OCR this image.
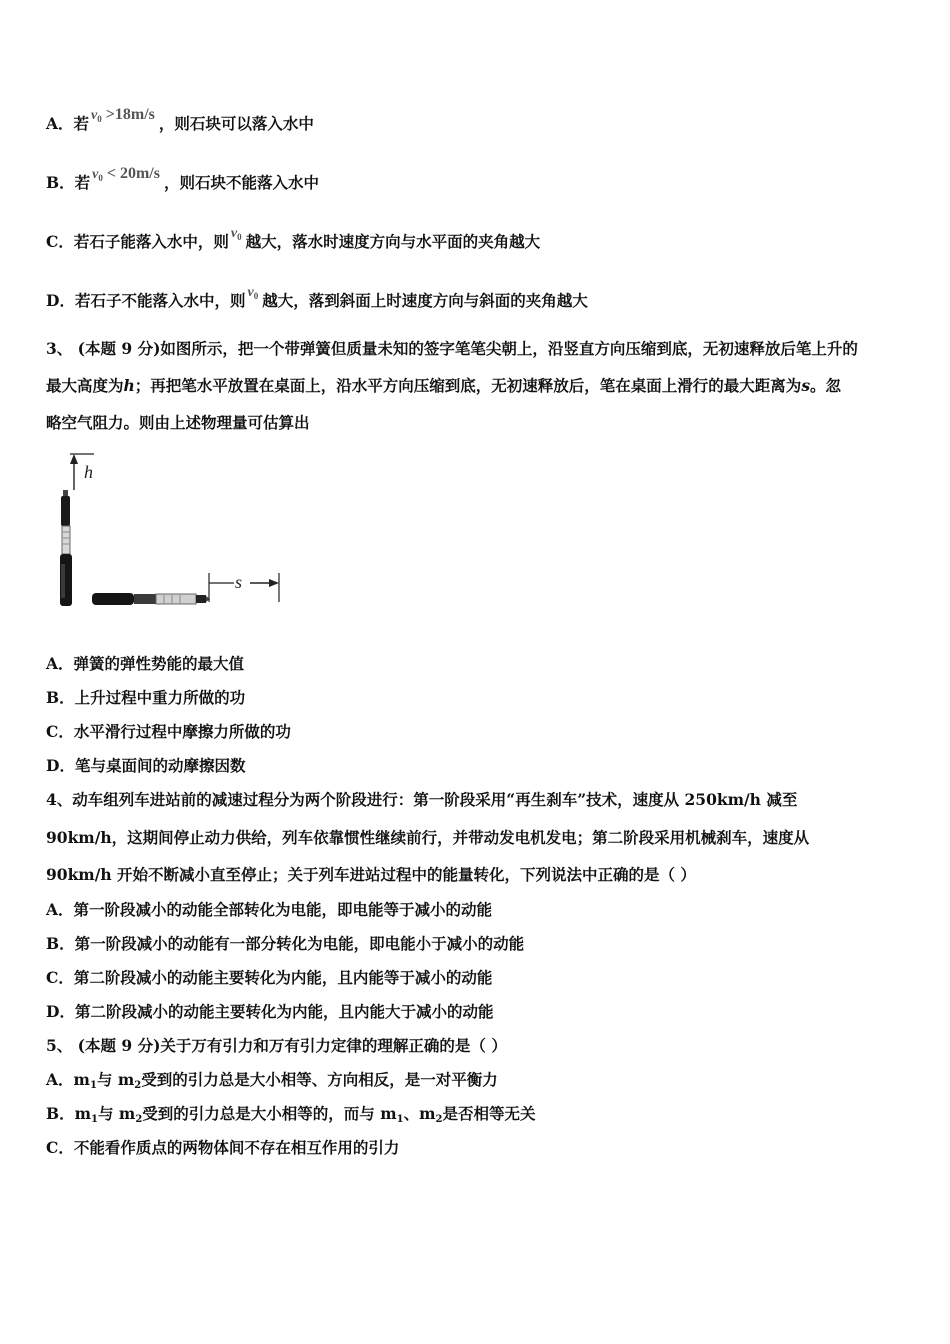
A．若 v0 >18m/s ，则石块可以落入水中
B．若 v0 < 20m/s ，则石块不能落入水中
C．若石子能落入水中，则 v0 越大，落水时速度方向与水平面的夹角越大
D．若石子不能落入水中，则 v0 越大，落到斜面上时速度方向与斜面的夹角越大
3、 (本题 9 分)如图所示，把一个带弹簧但质量未知的签字笔笔尖朝上，沿竖直方向压缩到底，无初速释放后笔上升的
最大高度为h；再把笔水平放置在桌面上，沿水平方向压缩到底，无初速释放后，笔在桌面上滑行的最大距离为s。忽
略空气阻力。则由上述物理量可估算出
h
s
A．弹簧的弹性势能的最大值
B．上升过程中重力所做的功
C．水平滑行过程中摩擦力所做的功
D．笔与桌面间的动摩擦因数
4、动车组列车进站前的减速过程分为两个阶段进行：第一阶段采用“再生刹车”技术，速度从 250km/h 减至
90km/h，这期间停止动力供给，列车依靠惯性继续前行，并带动发电机发电；第二阶段采用机械刹车，速度从
90km/h 开始不断减小直至停止；关于列车进站过程中的能量转化，下列说法中正确的是（ ）
A．第一阶段减小的动能全部转化为电能，即电能等于减小的动能
B．第一阶段减小的动能有一部分转化为电能，即电能小于减小的动能
C．第二阶段减小的动能主要转化为内能，且内能等于减小的动能
D．第二阶段减小的动能主要转化为内能，且内能大于减小的动能
5、 (本题 9 分)关于万有引力和万有引力定律的理解正确的是（ ）
A．m1与 m2受到的引力总是大小相等、方向相反，是一对平衡力
B．m1与 m2受到的引力总是大小相等的，而与 m1、m2是否相等无关
C．不能看作质点的两物体间不存在相互作用的引力
